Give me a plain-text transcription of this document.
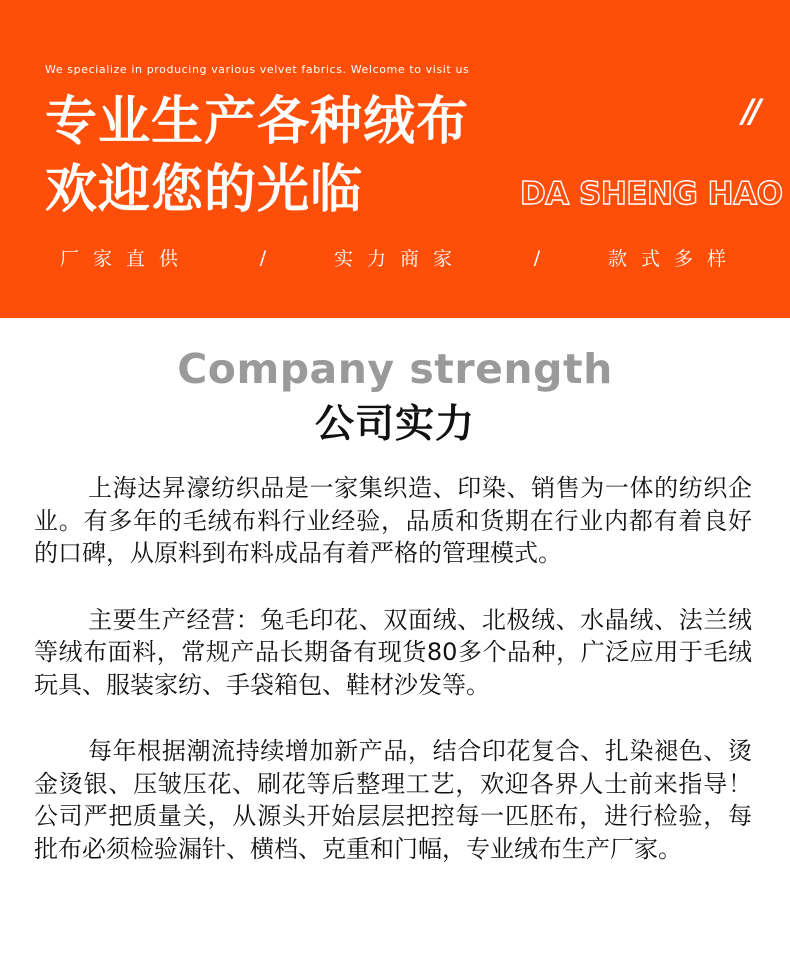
We specialize in producing various velvet fabrics. Welcome to visit us
专业生产各种绒布
欢迎您的光临
//
DA SHENG HAO
厂家直供	/	实力商家	/	款式多样
Company strength
公司实力

上海达昇濠纺织品是一家集织造、印染、销售为一体的纺织企业。有多年的毛绒布料行业经验，品质和货期在行业内都有着良好的口碑，从原料到布料成品有着严格的管理模式。

主要生产经营：兔毛印花、双面绒、北极绒、水晶绒、法兰绒等绒布面料，常规产品长期备有现货80多个品种，广泛应用于毛绒玩具、服装家纺、手袋箱包、鞋材沙发等。

每年根据潮流持续增加新产品，结合印花复合、扎染褪色、烫金烫银、压皱压花、刷花等后整理工艺，欢迎各界人士前来指导！公司严把质量关，从源头开始层层把控每一匹胚布，进行检验，每批布必须检验漏针、横档、克重和门幅，专业绒布生产厂家。
